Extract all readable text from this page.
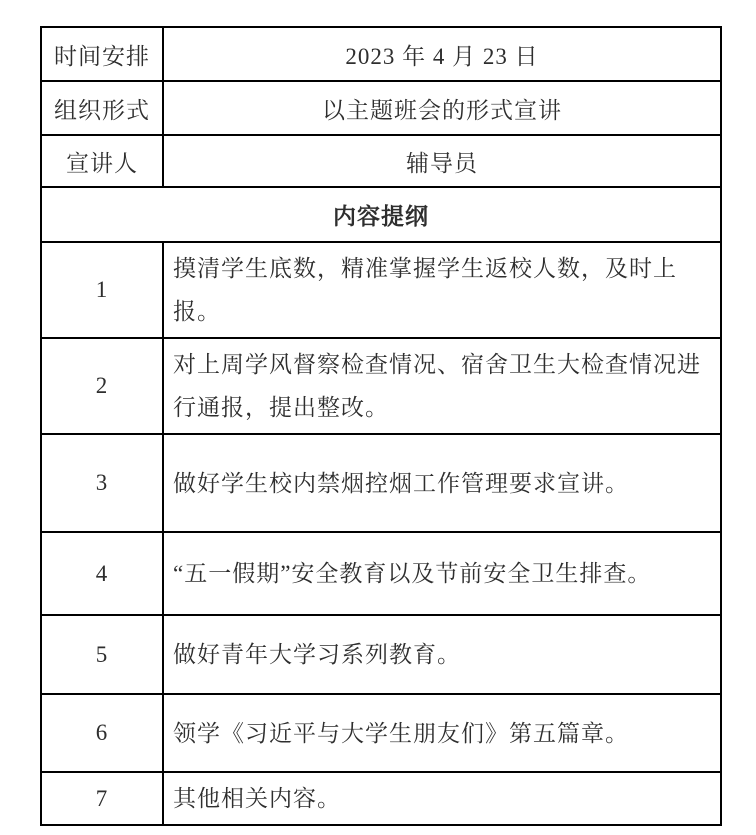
时间安排	2023 年 4 月 23 日
组织形式	以主题班会的形式宣讲
宣讲人	辅导员
内容提纲	
1	摸清学生底数，精准掌握学生返校人数，及时上报。
2	对上周学风督察检查情况、宿舍卫生大检查情况进行通报，提出整改。
3	做好学生校内禁烟控烟工作管理要求宣讲。
4	“五一假期”安全教育以及节前安全卫生排查。
5	做好青年大学习系列教育。
6	领学《习近平与大学生朋友们》第五篇章。
7	其他相关内容。
